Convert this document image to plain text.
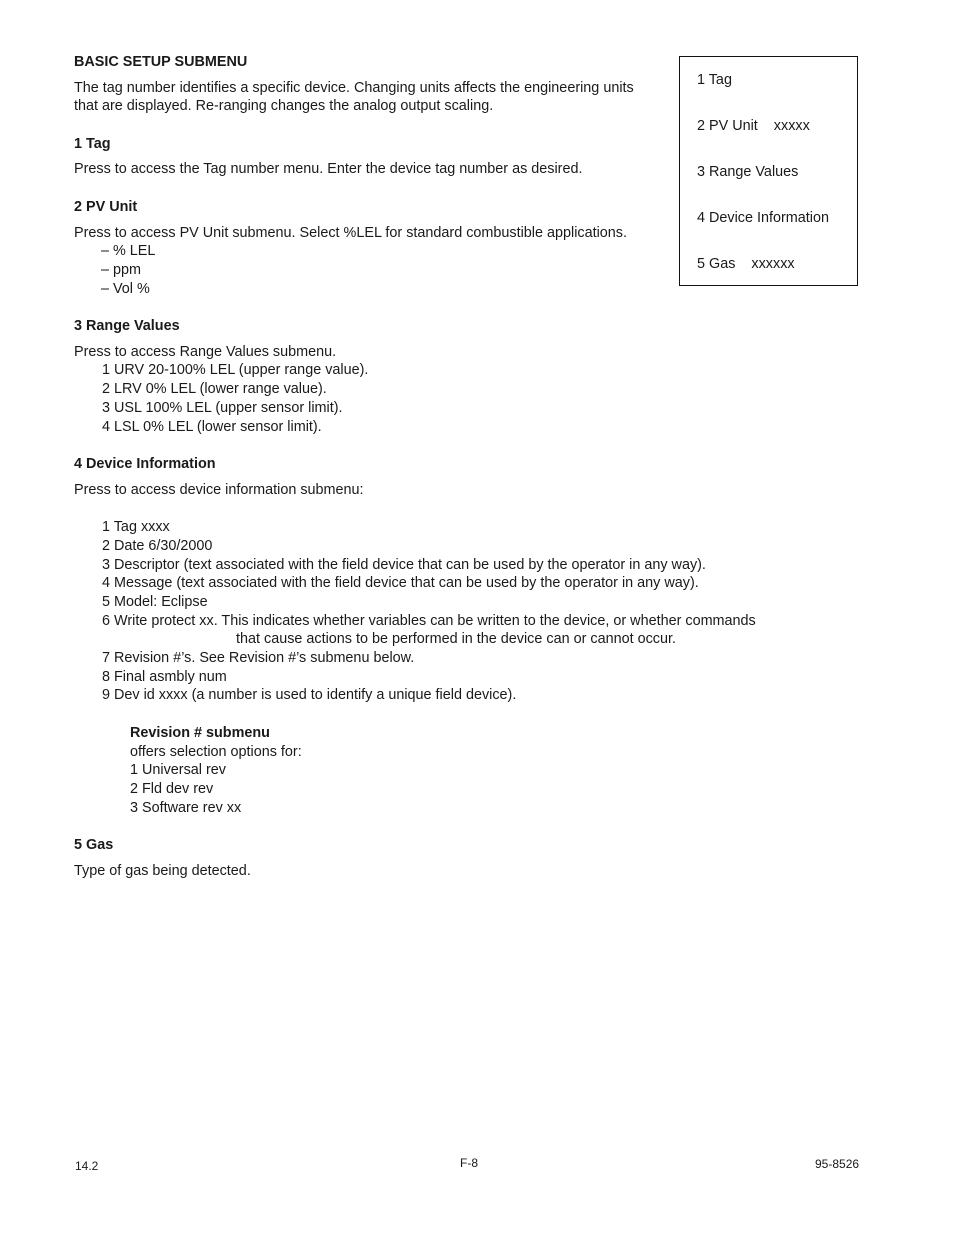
BASIC SETUP SUBMENU
The tag number identifies a specific device. Changing units affects the engineering units
that are displayed. Re-ranging changes the analog output scaling.
1 Tag
2 PV Unit xxxxx
3 Range Values
4 Device Information
5 Gas xxxxxx
1 Tag
Press to access the Tag number menu. Enter the device tag number as desired.
2 PV Unit
Press to access PV Unit submenu. Select %LEL for standard combustible applications.
– % LEL
– ppm
– Vol %
3 Range Values
Press to access Range Values submenu.
1 URV 20-100% LEL (upper range value).
2 LRV 0% LEL (lower range value).
3 USL 100% LEL (upper sensor limit).
4 LSL 0% LEL (lower sensor limit).
4 Device Information
Press to access device information submenu:
1 Tag xxxx
2 Date 6/30/2000
3 Descriptor (text associated with the field device that can be used by the operator in any way).
4 Message (text associated with the field device that can be used by the operator in any way).
5 Model: Eclipse
6 Write protect xx. This indicates whether variables can be written to the device, or whether commands
that cause actions to be performed in the device can or cannot occur.
7 Revision #’s. See Revision #’s submenu below.
8 Final asmbly num
9 Dev id xxxx (a number is used to identify a unique field device).
Revision # submenu
offers selection options for:
1 Universal rev
2 Fld dev rev
3 Software rev xx
5 Gas
Type of gas being detected.
14.2	F-8	95-8526
